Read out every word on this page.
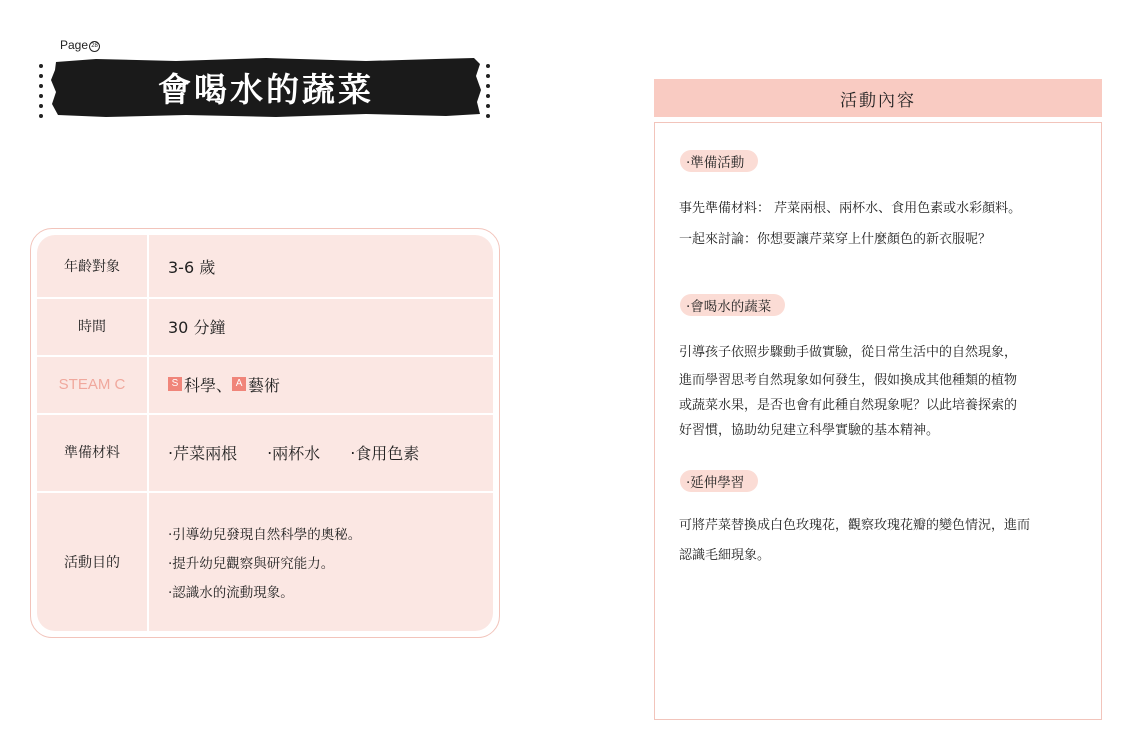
Page 28
會喝水的蔬菜
年齡對象	3-6 歲
時間	30 分鐘
STEAM C	S 科學 、 A 藝術
準備材料	‧芹菜兩根 ‧兩杯水 ‧食用色素
活動目的
‧引導幼兒發現自然科學的奧秘。
‧提升幼兒觀察與研究能力。
‧認識水的流動現象。
活動內容
‧準備活動

事先準備材料： 芹菜兩根、兩杯水、食用色素或水彩顏料。

一起來討論：你想要讓芹菜穿上什麼顏色的新衣服呢？

‧會喝水的蔬菜

引導孩子依照步驟動手做實驗，從日常生活中的自然現象，

進而學習思考自然現象如何發生，假如換成其他種類的植物

或蔬菜水果，是否也會有此種自然現象呢？以此培養探索的

好習慣，協助幼兒建立科學實驗的基本精神。

‧延伸學習

可將芹菜替換成白色玫瑰花，觀察玫瑰花瓣的變色情況，進而

認識毛細現象。
